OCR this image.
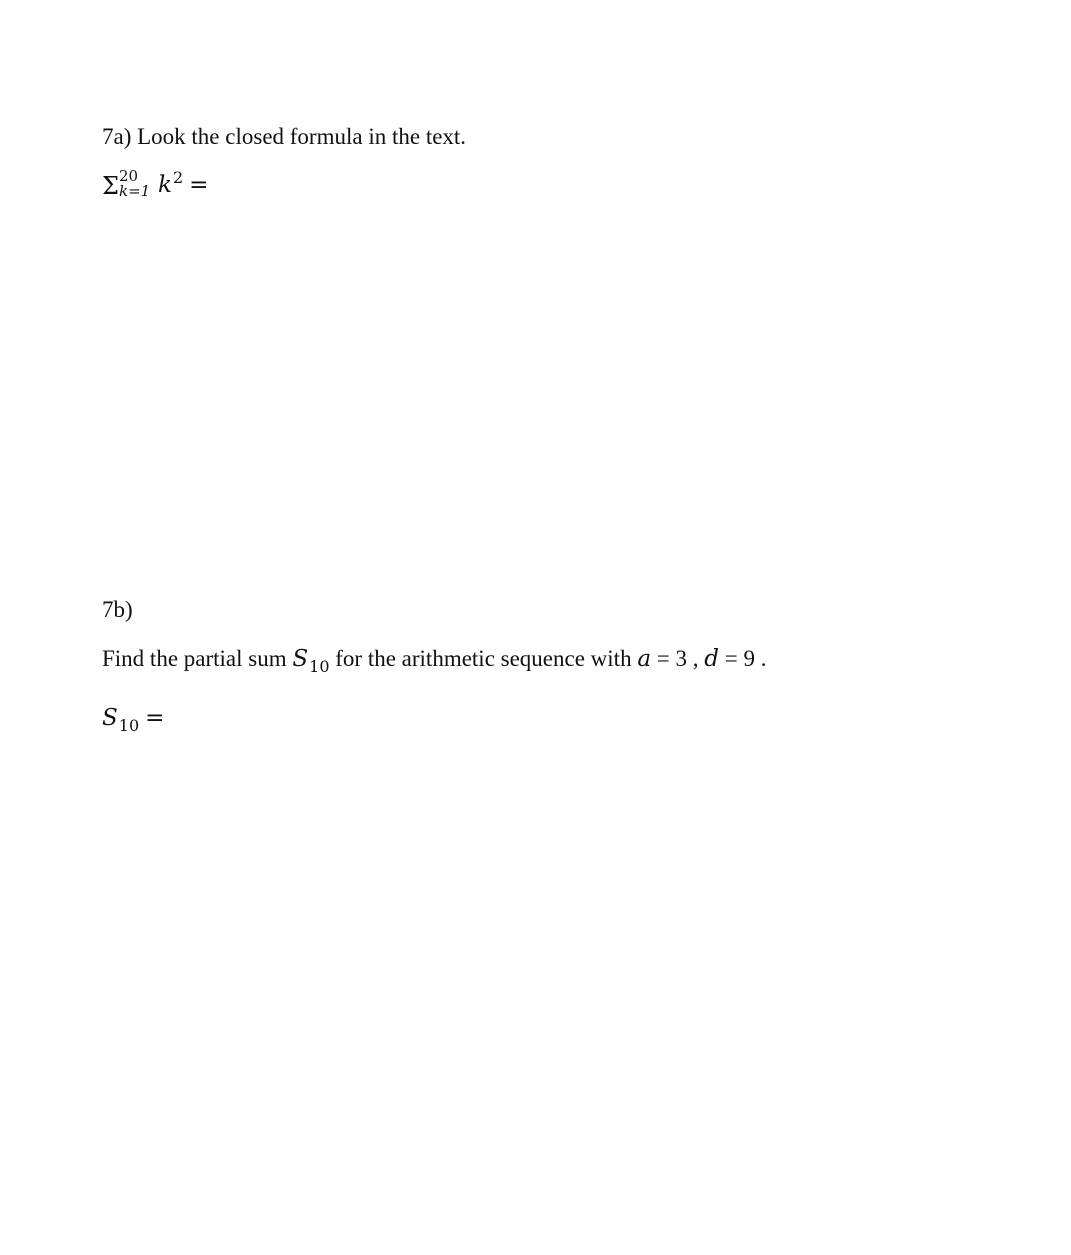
7a) Look the closed formula in the text.
Σ 20
k=1 $k^2$ =
7b)
Find the partial sum $S_{10}$ for the arithmetic sequence with a = 3 , d = 9 .
$S_{10}$ =
